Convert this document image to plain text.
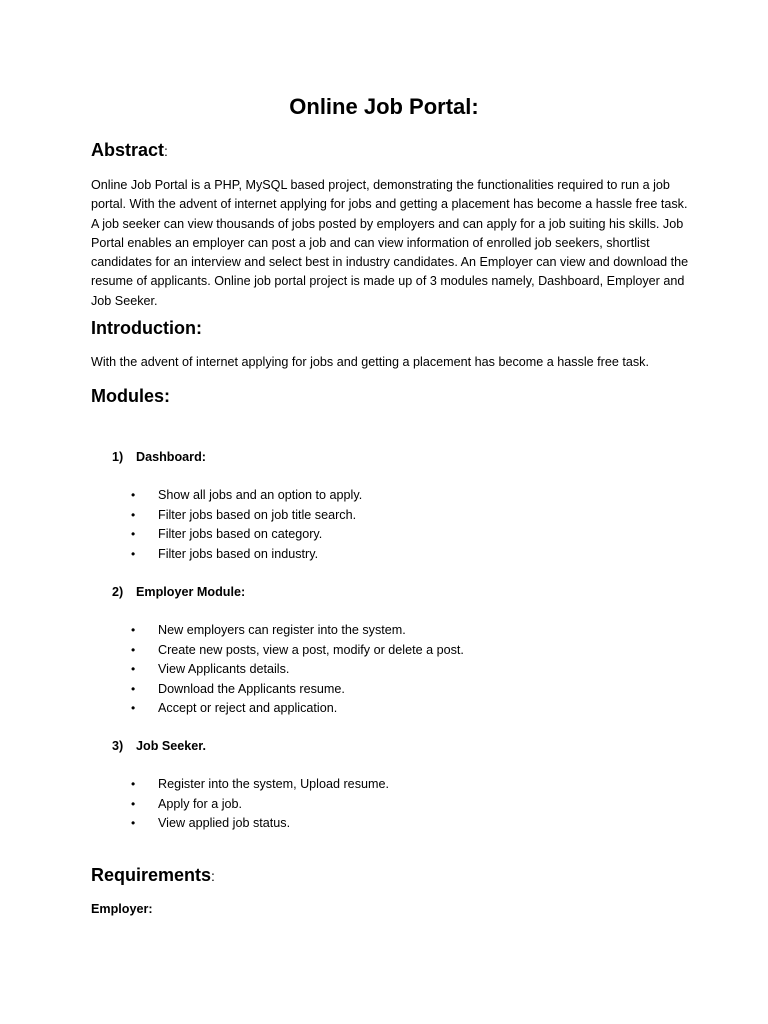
Online Job Portal:
Abstract:

Online Job Portal is a PHP, MySQL based project, demonstrating the functionalities required to run a job portal. With the advent of internet applying for jobs and getting a placement has become a hassle free task. A job seeker can view thousands of jobs posted by employers and can apply for a job suiting his skills. Job Portal enables an employer can post a job and can view information of enrolled job seekers, shortlist candidates for an interview and select best in industry candidates. An Employer can view and download the resume of applicants. Online job portal project is made up of 3 modules namely, Dashboard, Employer and Job Seeker.

Introduction:

With the advent of internet applying for jobs and getting a placement has become a hassle free task.

Modules:
1)	Dashboard:
•	Show all jobs and an option to apply.
•	Filter jobs based on job title search.
•	Filter jobs based on category.
•	Filter jobs based on industry.
2)	Employer Module:
•	New employers can register into the system.
•	Create new posts, view a post, modify or delete a post.
•	View Applicants details.
•	Download the Applicants resume.
•	Accept or reject and application.
3)	Job Seeker.
•	Register into the system, Upload resume.
•	Apply for a job.
•	View applied job status.
Requirements:
Employer:
